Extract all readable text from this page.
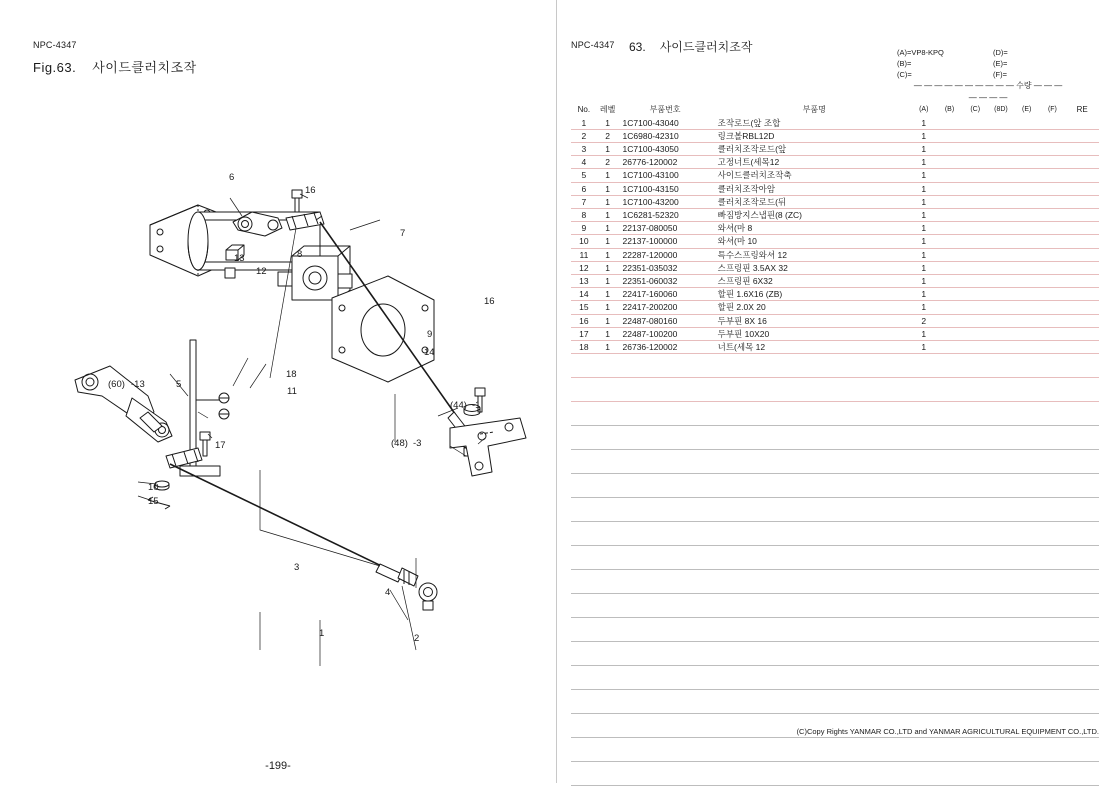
NPC-4347
Fig.63. 사이드클러치조작
6
16
7
13
12
8
16
9
14
(44) -1
(60) -13	5
18
11
(48) -3
17
10
15
3
4
1	2
-199-
NPC-4347 63. 사이드클러치조작	(A)=VP8-KPQ	(D)=
(B)=	(E)=
(C)=	(F)=
No.	레벨	부품번호	부품명	— — — — — — — — — — 수량 — — — — — — —						RE
				(A)	(B)	(C)	(8D)	(E)	(F)	
1	1	1C7100-43040	조작로드(앞 조합	1						
2	2	1C6980-42310	링크볼RBL12D	1						
3	1	1C7100-43050	클러치조작로드(앞	1						
4	2	26776-120002	고정너트(세목12	1						
5	1	1C7100-43100	사이드클러치조작축	1						
6	1	1C7100-43150	클러치조작아암	1						
7	1	1C7100-43200	클러치조작로드(뒤	1						
8	1	1C6281-52320	빠짐방지스냅핀(8 (ZC)	1						
9	1	22137-080050	와셔(마 8	1						
10	1	22137-100000	와셔(마 10	1						
11	1	22287-120000	특수스프링와셔 12	1						
12	1	22351-035032	스프링핀 3.5AX 32	1						
13	1	22351-060032	스프링핀 6X32	1						
14	1	22417-160060	할핀 1.6X16 (ZB)	1						
15	1	22417-200200	할핀 2.0X 20	1						
16	1	22487-080160	두부핀 8X 16	2						
17	1	22487-100200	두부핀 10X20	1						
18	1	26736-120002	너트(세목 12	1						

(C)Copy Rights YANMAR CO.,LTD and YANMAR AGRICULTURAL EQUIPMENT CO.,LTD.
